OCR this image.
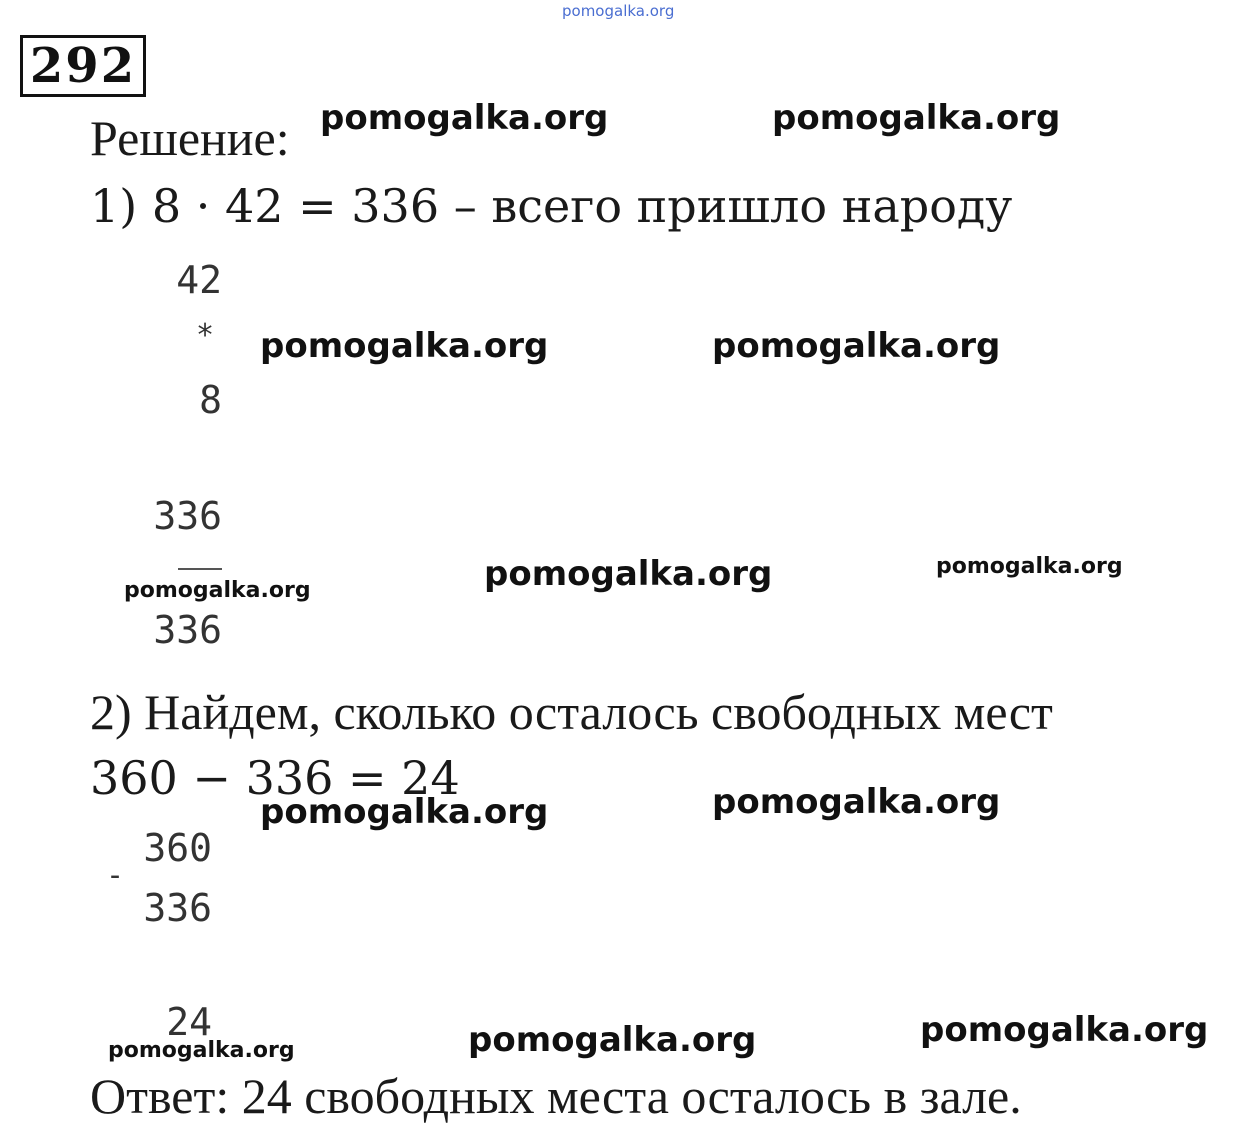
pomogalka.org
292
Решение:
1) 8 · 42 = 336 – всего пришло народу
42
*
8
336
336
2) Найдем, сколько осталось свободных мест
360 − 336 = 24
360
-
336
24
Ответ: 24 свободных места осталось в зале.
pomogalka.org	pomogalka.org
pomogalka.org	pomogalka.org
pomogalka.org
pomogalka.org
pomogalka.org
pomogalka.org	pomogalka.org
pomogalka.org
pomogalka.org
pomogalka.org
